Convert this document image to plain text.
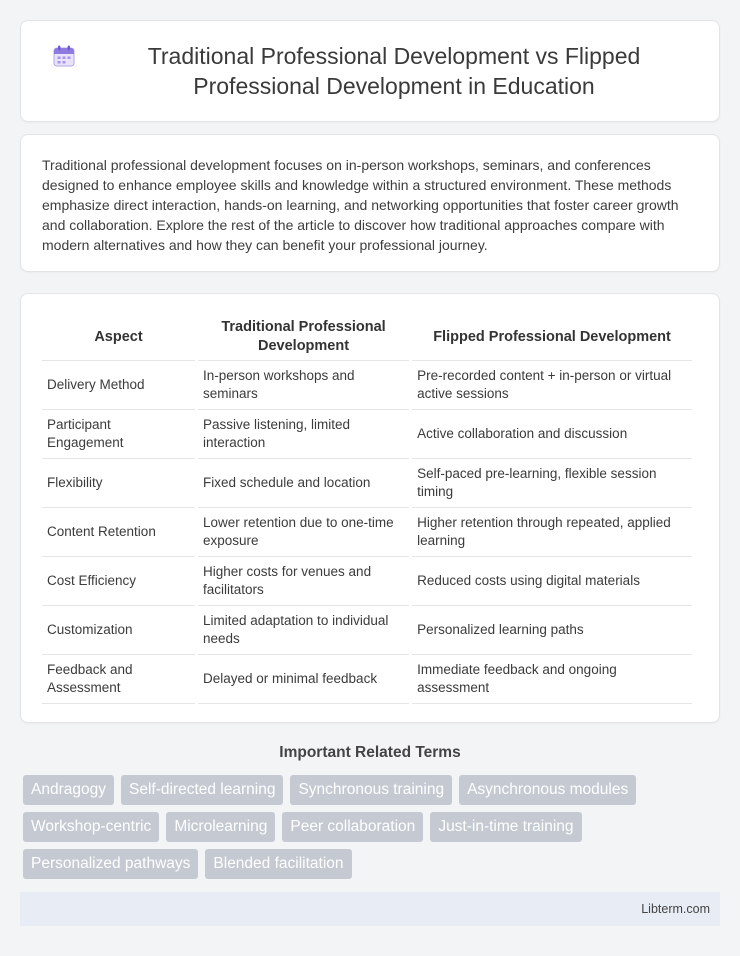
Traditional Professional Development vs Flipped Professional Development in Education

Traditional professional development focuses on in-person workshops, seminars, and conferences designed to enhance employee skills and knowledge within a structured environment. These methods emphasize direct interaction, hands-on learning, and networking opportunities that foster career growth and collaboration. Explore the rest of the article to discover how traditional approaches compare with modern alternatives and how they can benefit your professional journey.

Aspect	Traditional Professional Development	Flipped Professional Development
Delivery Method	In-person workshops and seminars	Pre-recorded content + in-person or virtual active sessions
Participant Engagement	Passive listening, limited interaction	Active collaboration and discussion
Flexibility	Fixed schedule and location	Self-paced pre-learning, flexible session timing
Content Retention	Lower retention due to one-time exposure	Higher retention through repeated, applied learning
Cost Efficiency	Higher costs for venues and facilitators	Reduced costs using digital materials
Customization	Limited adaptation to individual needs	Personalized learning paths
Feedback and Assessment	Delayed or minimal feedback	Immediate feedback and ongoing assessment
Important Related Terms
Andragogy	Self-directed learning	Synchronous training	Asynchronous modules
Workshop-centric	Microlearning	Peer collaboration	Just-in-time training
Personalized pathways	Blended facilitation
Libterm.com
